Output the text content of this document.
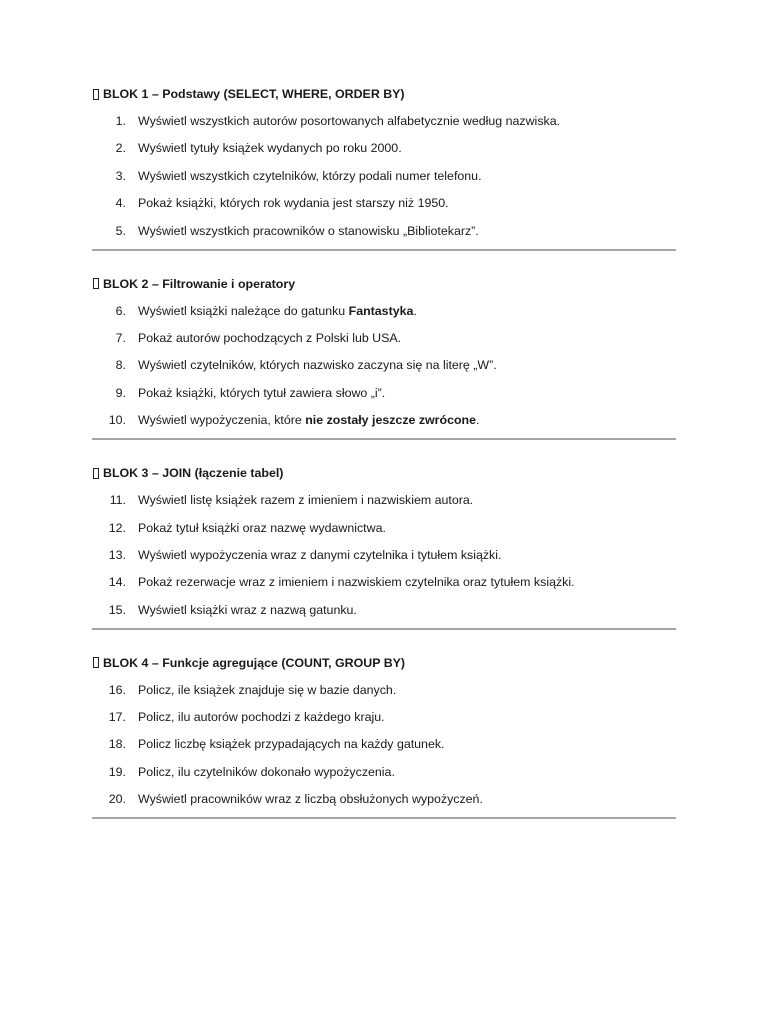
BLOK 1 – Podstawy (SELECT, WHERE, ORDER BY)
1. Wyświetl wszystkich autorów posortowanych alfabetycznie według nazwiska.
2. Wyświetl tytuły książek wydanych po roku 2000.
3. Wyświetl wszystkich czytelników, którzy podali numer telefonu.
4. Pokaż książki, których rok wydania jest starszy niż 1950.
5. Wyświetl wszystkich pracowników o stanowisku „Bibliotekarz”.
BLOK 2 – Filtrowanie i operatory
6. Wyświetl książki należące do gatunku Fantastyka.
7. Pokaż autorów pochodzących z Polski lub USA.
8. Wyświetl czytelników, których nazwisko zaczyna się na literę „W”.
9. Pokaż książki, których tytuł zawiera słowo „i”.
10. Wyświetl wypożyczenia, które nie zostały jeszcze zwrócone.
BLOK 3 – JOIN (łączenie tabel)
11. Wyświetl listę książek razem z imieniem i nazwiskiem autora.
12. Pokaż tytuł książki oraz nazwę wydawnictwa.
13. Wyświetl wypożyczenia wraz z danymi czytelnika i tytułem książki.
14. Pokaż rezerwacje wraz z imieniem i nazwiskiem czytelnika oraz tytułem książki.
15. Wyświetl książki wraz z nazwą gatunku.
BLOK 4 – Funkcje agregujące (COUNT, GROUP BY)
16. Policz, ile książek znajduje się w bazie danych.
17. Policz, ilu autorów pochodzi z każdego kraju.
18. Policz liczbę książek przypadających na każdy gatunek.
19. Policz, ilu czytelników dokonało wypożyczenia.
20. Wyświetl pracowników wraz z liczbą obsłużonych wypożyczeń.
